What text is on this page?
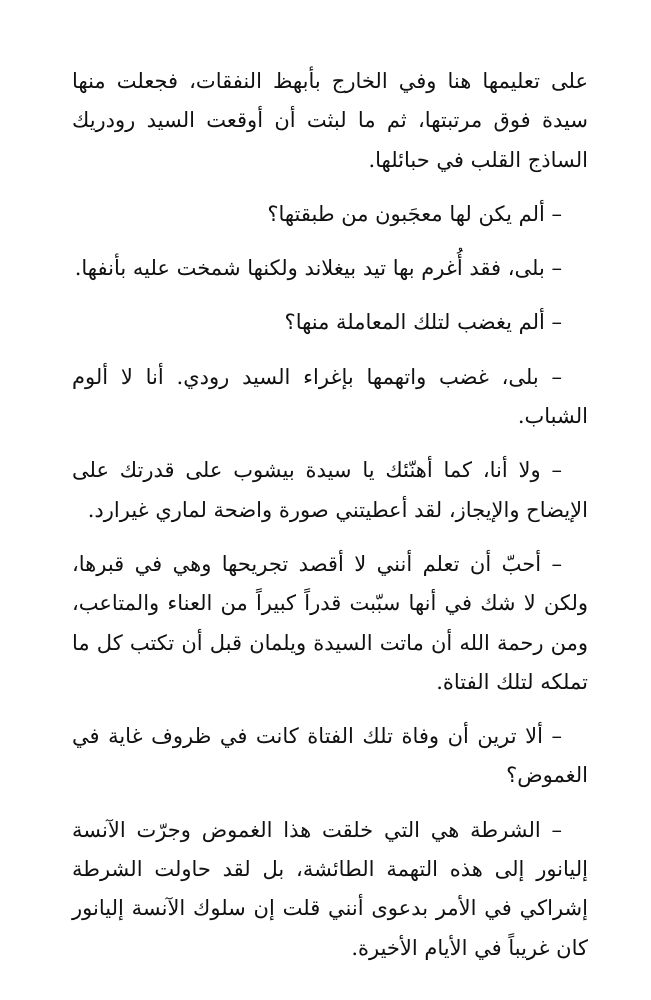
على تعليمها هنا وفي الخارج بأبهظ النفقات، فجعلت منها سيدة فوق مرتبتها، ثم ما لبثت أن أوقعت السيد رودريك الساذج القلب في حبائلها.

– ألم يكن لها معجَبون من طبقتها؟

– بلى، فقد أُغرم بها تيد بيغلاند ولكنها شمخت عليه بأنفها.

– ألم يغضب لتلك المعاملة منها؟

– بلى، غضب واتهمها بإغراء السيد رودي. أنا لا ألوم الشباب.

– ولا أنا، كما أهنّئك يا سيدة بيشوب على قدرتك على الإيضاح والإيجاز، لقد أعطيتني صورة واضحة لماري غيرارد.

– أحبّ أن تعلم أنني لا أقصد تجريحها وهي في قبرها، ولكن لا شك في أنها سبّبت قدراً كبيراً من العناء والمتاعب، ومن رحمة الله أن ماتت السيدة ويلمان قبل أن تكتب كل ما تملكه لتلك الفتاة.

– ألا ترين أن وفاة تلك الفتاة كانت في ظروف غاية في الغموض؟

– الشرطة هي التي خلقت هذا الغموض وجرّت الآنسة إليانور إلى هذه التهمة الطائشة، بل لقد حاولت الشرطة إشراكي في الأمر بدعوى أنني قلت إن سلوك الآنسة إليانور كان غريباً في الأيام الأخيرة.
